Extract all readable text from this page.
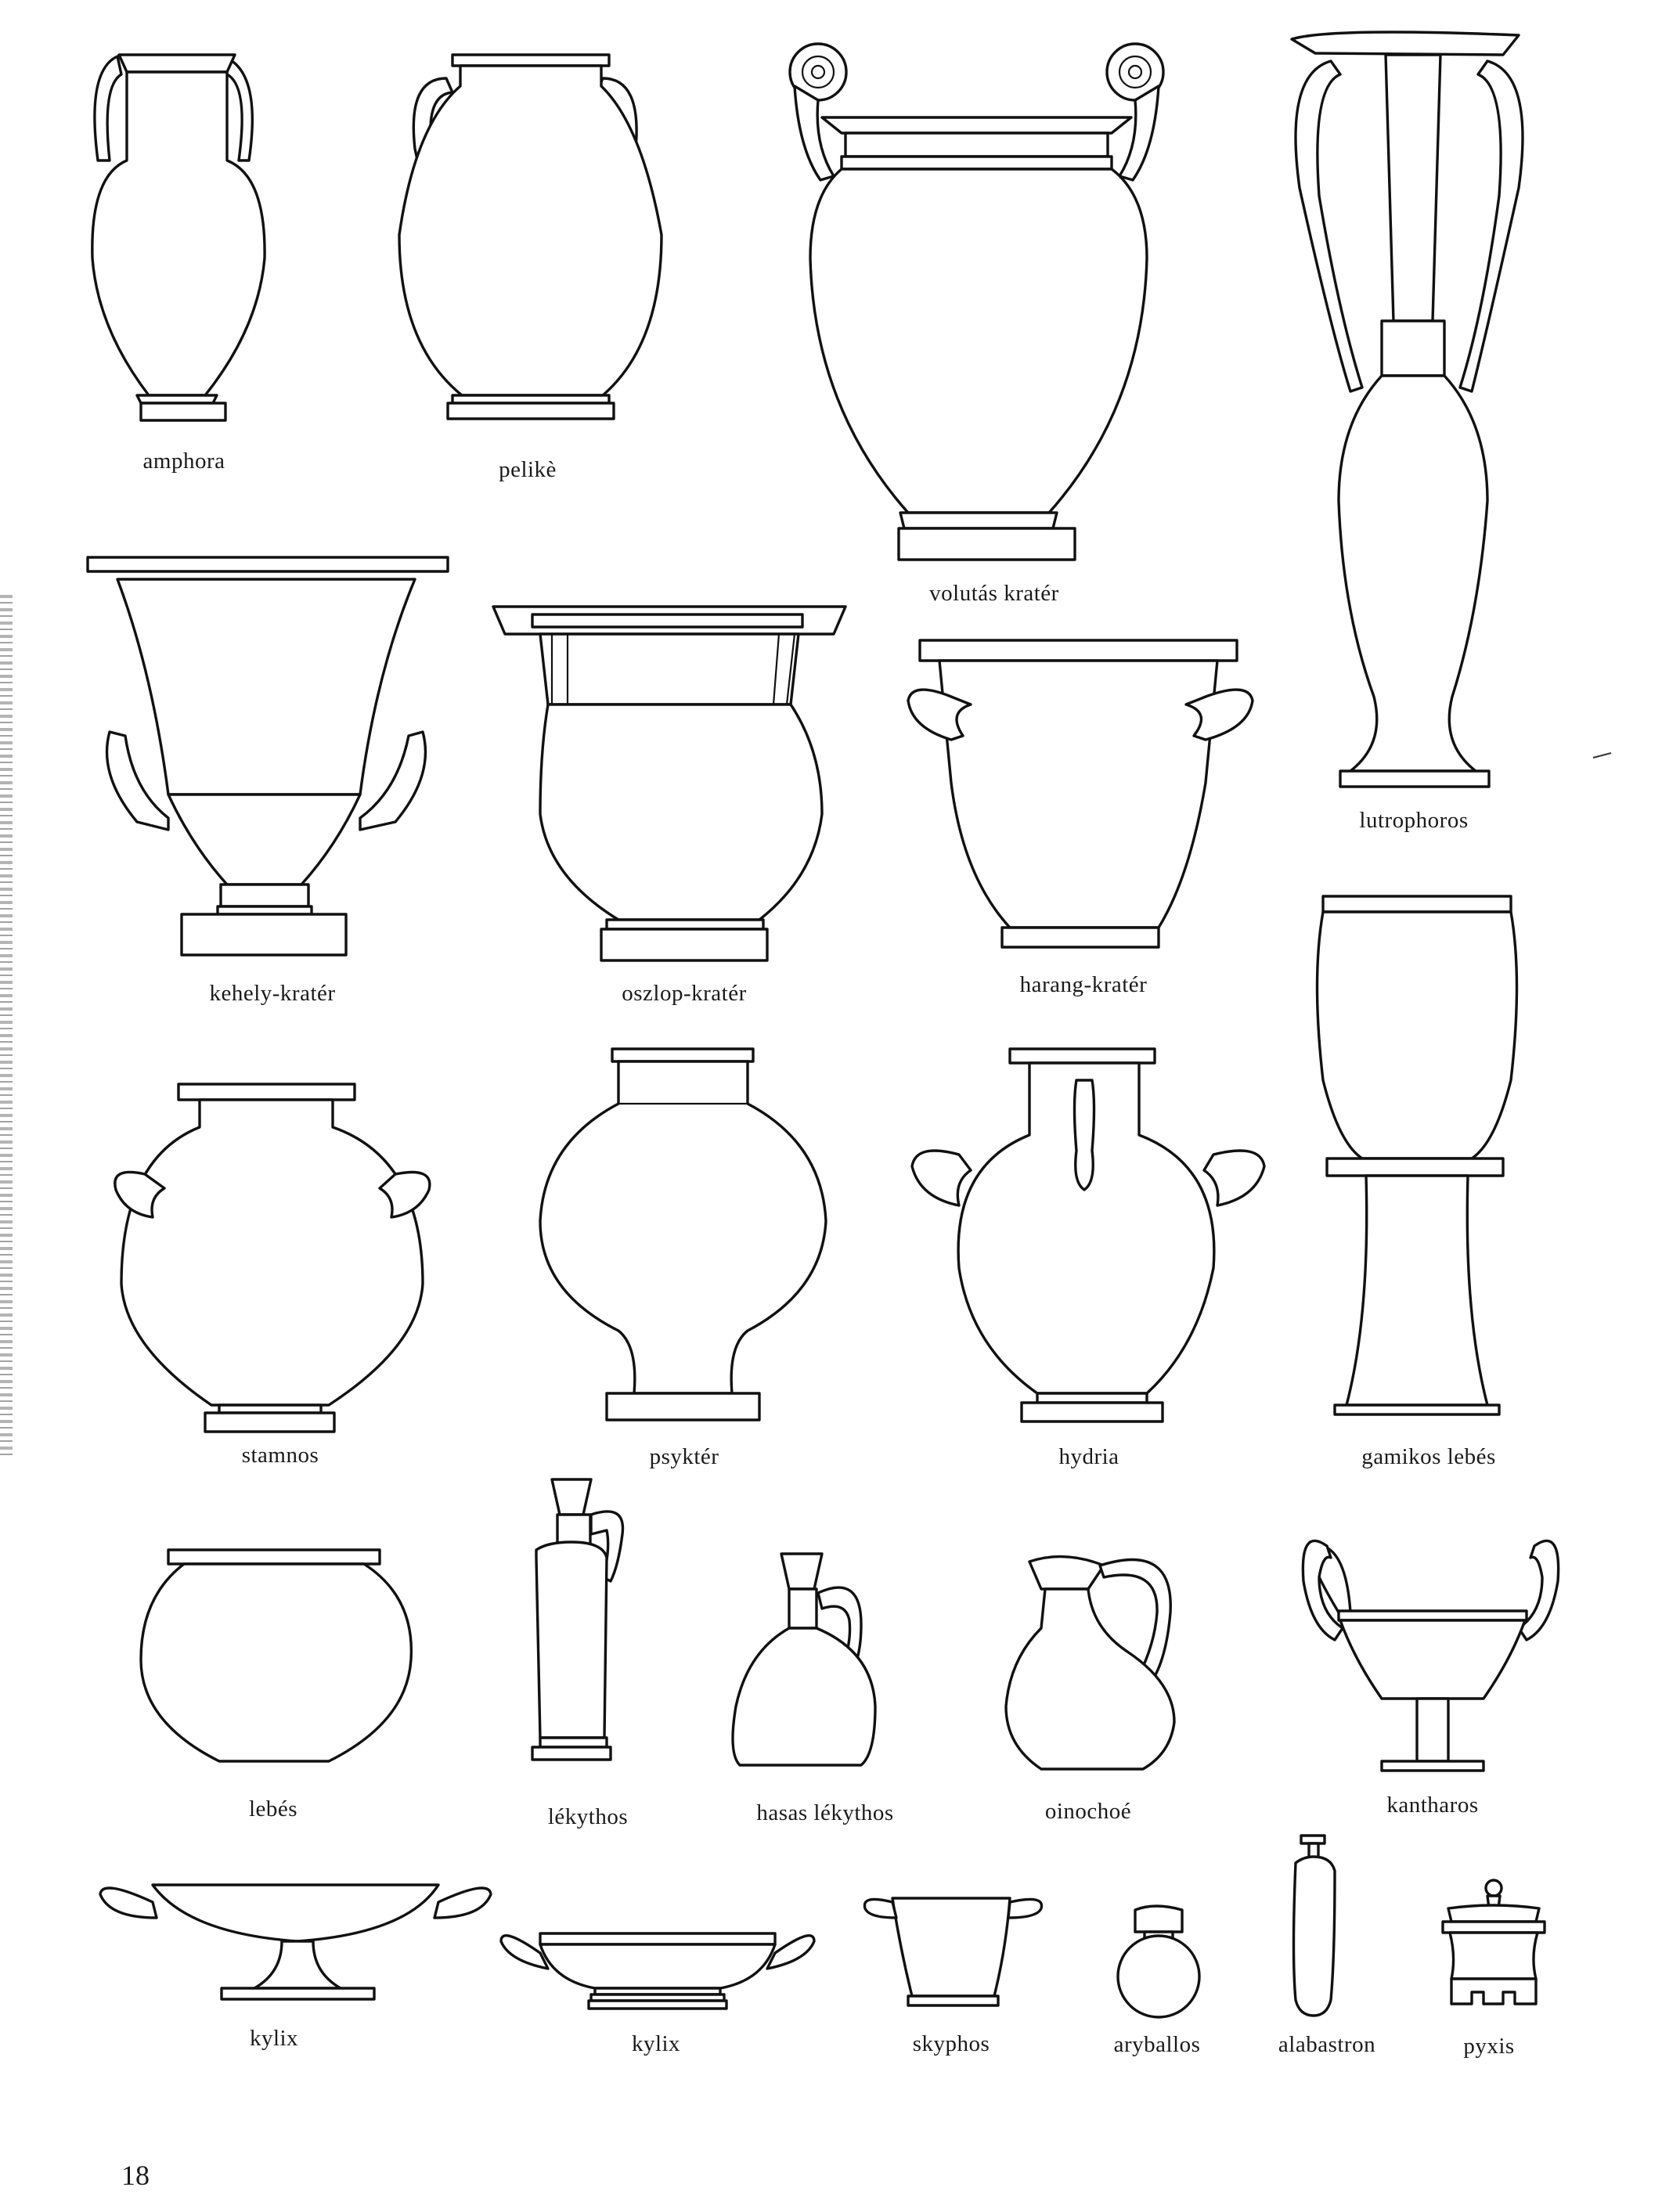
amphora	pelikè
volutás kratér
lutrophoros
kehely-kratér	oszlop-kratér	harang-kratér
stamnos	psyktér	hydria	gamikos lebés
lebés	lékythos	hasas lékythos	oinochoé	kantharos
kylix	kylix	skyphos	aryballos	alabastron	pyxis
18
